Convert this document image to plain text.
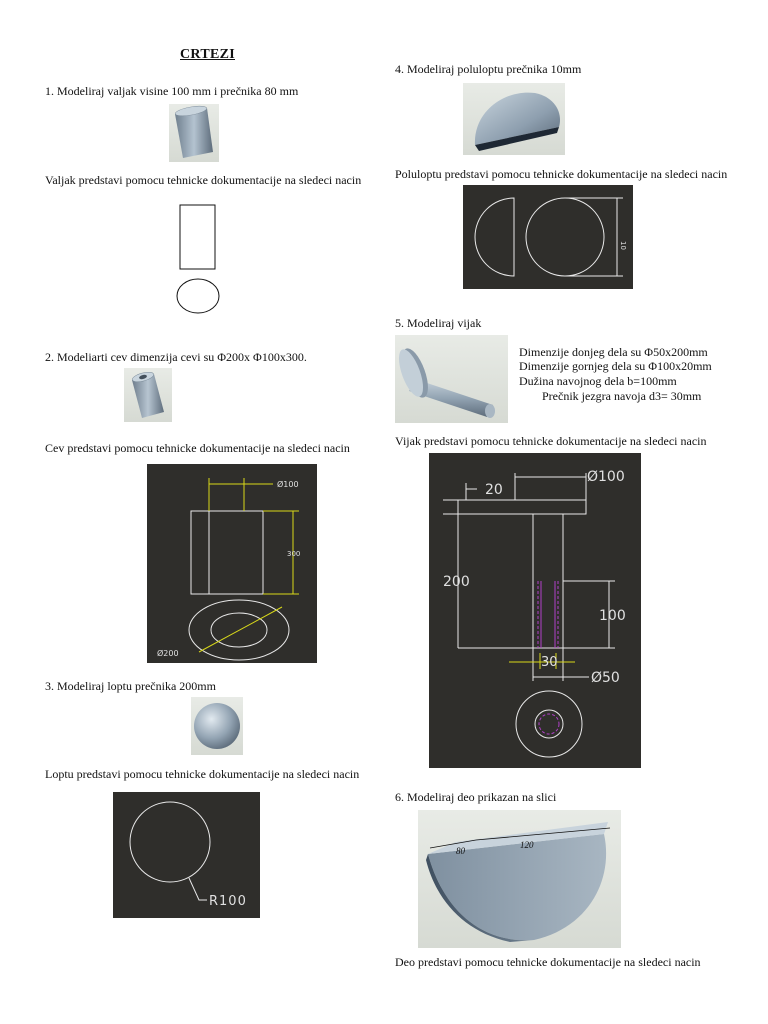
CRTEZI
1. Modeliraj valjak visine 100 mm i prečnika 80 mm
Valjak predstavi pomocu tehnicke dokumentacije na sledeci nacin
2. Modeliarti cev dimenzija cevi su Φ200x Φ100x300.
Cev predstavi pomocu tehnicke dokumentacije na sledeci nacin
Ø100
300
Ø200
3. Modeliraj loptu prečnika 200mm
Loptu predstavi pomocu tehnicke dokumentacije na sledeci nacin
R100
4. Modeliraj poluloptu prečnika 10mm
Poluloptu predstavi pomocu tehnicke dokumentacije na sledeci nacin
10
5. Modeliraj vijak
Dimenzije donjeg dela su Φ50x200mm
Dimenzije gornjeg dela su Φ100x20mm
Dužina navojnog dela b=100mm
Prečnik jezgra navoja d3= 30mm
Vijak predstavi pomocu tehnicke dokumentacije na sledeci nacin
Ø100
20
200
100
30
Ø50
6. Modeliraj deo prikazan na slici
80
120
Deo predstavi pomocu tehnicke dokumentacije na sledeci nacin
